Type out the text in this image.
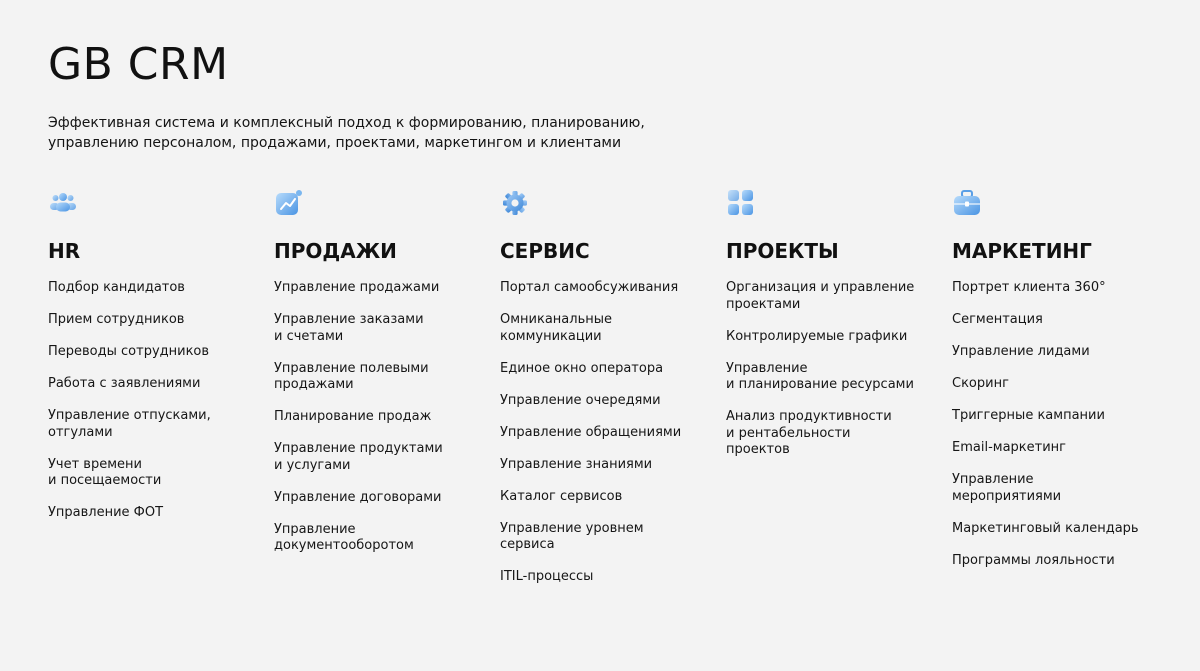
GB CRM
Эффективная система и комплексный подход к формированию, планированию,
управлению персоналом, продажами, проектами, маркетингом и клиентами
HR
Подбор кандидатов
Прием сотрудников
Переводы сотрудников
Работа с заявлениями
Управление отпусками,
отгулами
Учет времени
и посещаемости
Управление ФОТ
ПРОДАЖИ
Управление продажами
Управление заказами
и счетами
Управление полевыми
продажами
Планирование продаж
Управление продуктами
и услугами
Управление договорами
Управление
документооборотом
СЕРВИС
Портал самообсуживания
Омниканальные
коммуникации
Единое окно оператора
Управление очередями
Управление обращениями
Управление знаниями
Каталог сервисов
Управление уровнем
сервиса
ITIL-процессы
ПРОЕКТЫ
Организация и управление
проектами
Контролируемые графики
Управление
и планирование ресурсами
Анализ продуктивности
и рентабельности
проектов
МАРКЕТИНГ
Портрет клиента 360°
Сегментация
Управление лидами
Скоринг
Триггерные кампании
Email-маркетинг
Управление
мероприятиями
Маркетинговый календарь
Программы лояльности
